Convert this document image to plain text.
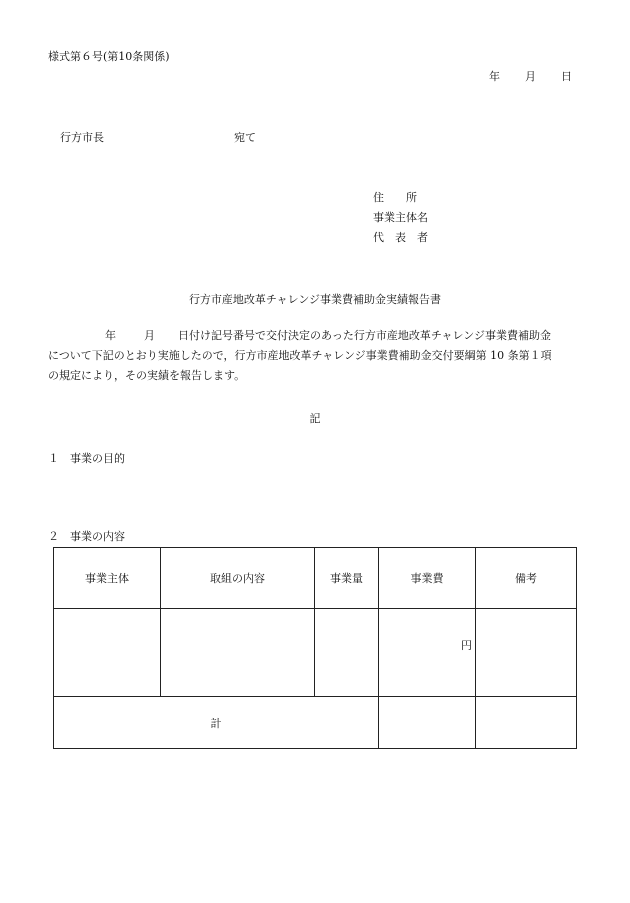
様式第６号(第10条関係)
年 月 日
行方市長	宛て
住　　所
事業主体名
代　表　者
行方市産地改革チャレンジ事業費補助金実績報告書
年	月 日付け記号番号で交付決定のあった行方市産地改革チャレンジ事業費補助金
について下記のとおり実施したので，行方市産地改革チャレンジ事業費補助金交付要綱第 10 条第１項
の規定により，その実績を報告します。
記
１　事業の目的
２　事業の内容
事業主体	取組の内容	事業量	事業費	備考
			円	
計				
